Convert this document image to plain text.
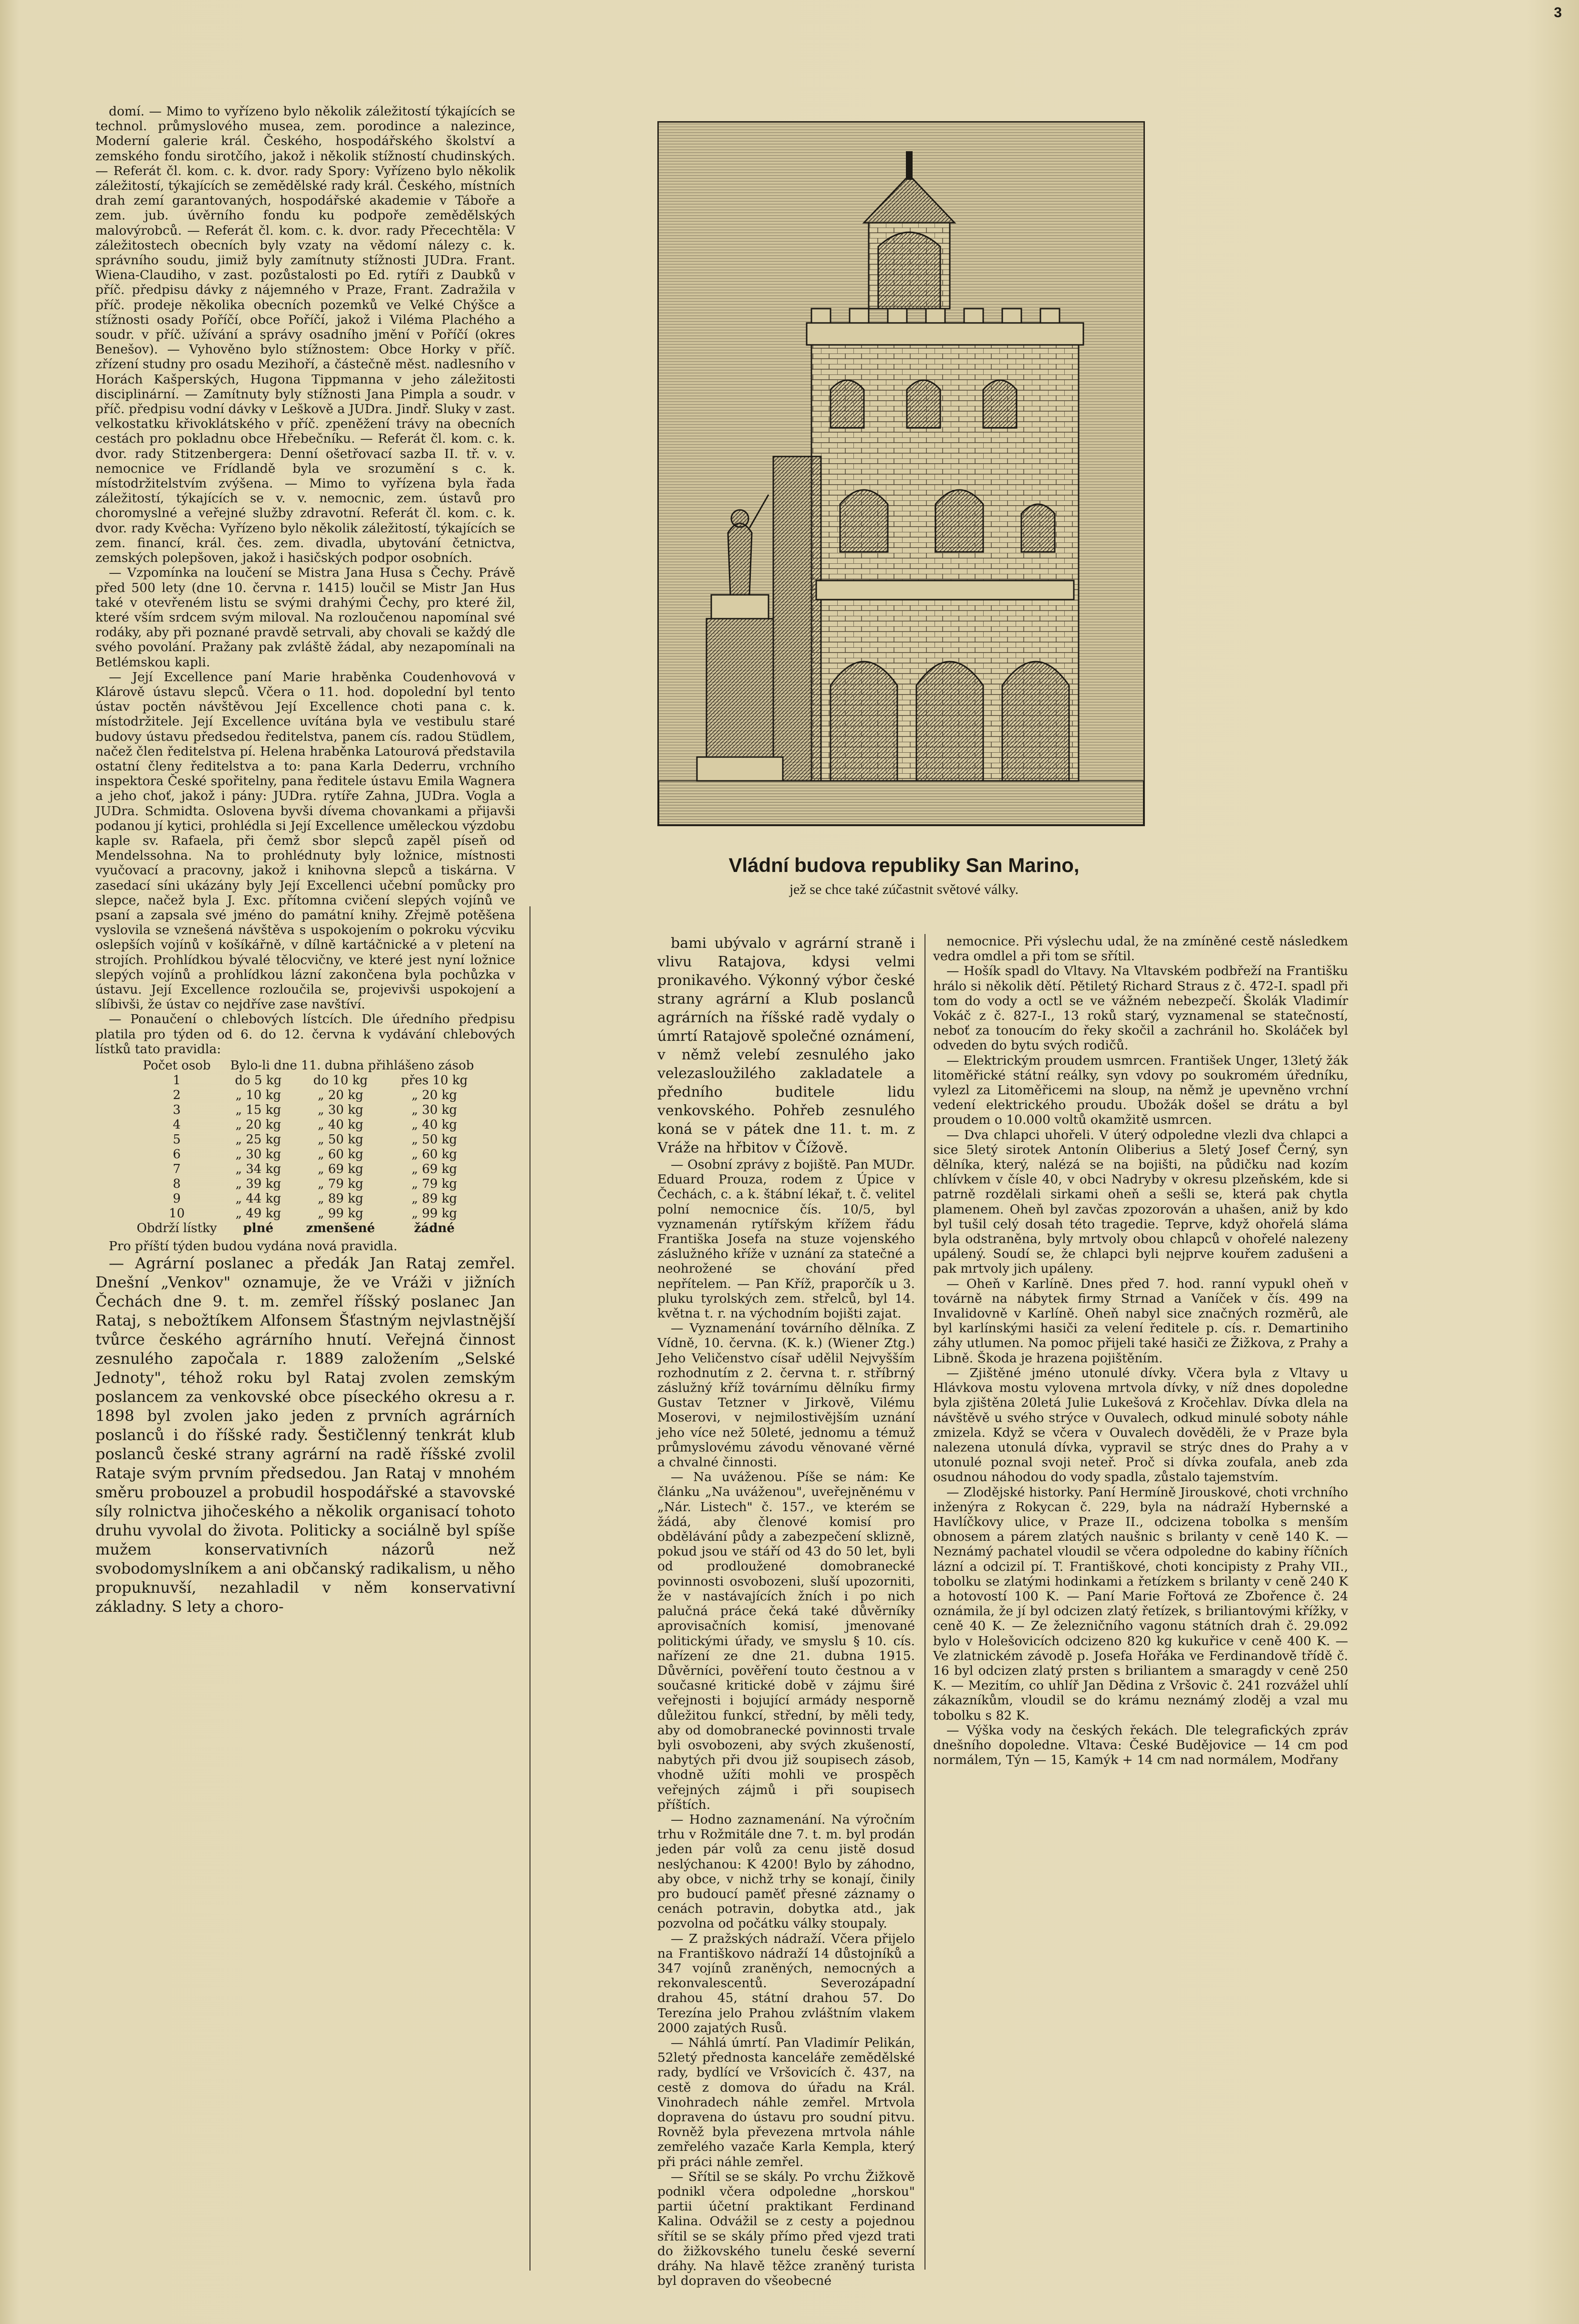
3

domí. — Mimo to vyřízeno bylo několik záležitostí týkajících se technol. průmyslového musea, zem. porodince a nalezince, Moderní galerie král. Českého, hospodářského školství a zemského fondu sirotčího, jakož i několik stížností chudinských. — Referát čl. kom. c. k. dvor. rady Spory: Vyřízeno bylo několik záležitostí, týkajících se zemědělské rady král. Českého, místních drah zemí garantovaných, hospodářské akademie v Táboře a zem. jub. úvěrního fondu ku podpoře zemědělských malovýrobců. — Referát čl. kom. c. k. dvor. rady Přecechtěla: V záležitostech obecních byly vzaty na vědomí nálezy c. k. správního soudu, jimiž byly zamítnuty stížnosti JUDra. Frant. Wiena-Claudiho, v zast. pozůstalosti po Ed. rytíři z Daubků v příč. předpisu dávky z nájemného v Praze, Frant. Zadražila v příč. prodeje několika obecních pozemků ve Velké Chýšce a stížnosti osady Poříčí, obce Poříčí, jakož i Viléma Plachého a soudr. v příč. užívání a správy osadního jmění v Poříčí (okres Benešov). — Vyhověno bylo stížnostem: Obce Horky v příč. zřízení studny pro osadu Mezihoří, a částečně měst. nadlesního v Horách Kašperských, Hugona Tippmanna v jeho záležitosti disciplinární. — Zamítnuty byly stížnosti Jana Pimpla a soudr. v příč. předpisu vodní dávky v Leškově a JUDra. Jindř. Sluky v zast. velkostatku křivoklátského v příč. zpeněžení trávy na obecních cestách pro pokladnu obce Hřebečníku. — Referát čl. kom. c. k. dvor. rady Stitzenbergera: Denní ošetřovací sazba II. tř. v. v. nemocnice ve Frídlandě byla ve srozumění s c. k. místodržitelstvím zvýšena. — Mimo to vyřízena byla řada záležitostí, týkajících se v. v. nemocnic, zem. ústavů pro choromyslné a veřejné služby zdravotní. Referát čl. kom. c. k. dvor. rady Kvěcha: Vyřízeno bylo několik záležitostí, týkajících se zem. financí, král. čes. zem. divadla, ubytování četnictva, zemských polepšoven, jakož i hasičských podpor osobních.

— Vzpomínka na loučení se Mistra Jana Husa s Čechy. Právě před 500 lety (dne 10. června r. 1415) loučil se Mistr Jan Hus také v otevřeném listu se svými drahými Čechy, pro které žil, které vším srdcem svým miloval. Na rozloučenou napomínal své rodáky, aby při poznané pravdě setrvali, aby chovali se každý dle svého povolání. Pražany pak zvláště žádal, aby nezapomínali na Betlémskou kapli.

— Její Excellence paní Marie hraběnka Coudenhovová v Klárově ústavu slepců. Včera o 11. hod. dopolední byl tento ústav poctěn návštěvou Její Excellence choti pana c. k. místodržitele. Její Excellence uvítána byla ve vestibulu staré budovy ústavu předsedou ředitelstva, panem cís. radou Stüdlem, načež člen ředitelstva pí. Helena hraběnka Latourová představila ostatní členy ředitelstva a to: pana Karla Dederru, vrchního inspektora České spořitelny, pana ředitele ústavu Emila Wagnera a jeho choť, jakož i pány: JUDra. rytíře Zahna, JUDra. Vogla a JUDra. Schmidta. Oslovena byvši dívema chovankami a přijavši podanou jí kytici, prohlédla si Její Excellence uměleckou výzdobu kaple sv. Rafaela, při čemž sbor slepců zapěl píseň od Mendelssohna. Na to prohlédnuty byly ložnice, místnosti vyučovací a pracovny, jakož i knihovna slepců a tiskárna. V zasedací síni ukázány byly Její Excellenci učební pomůcky pro slepce, načež byla J. Exc. přítomna cvičení slepých vojínů ve psaní a zapsala své jméno do památní knihy. Zřejmě potěšena vyslovila se vznešená návštěva s uspokojením o pokroku výcviku oslepších vojínů v košíkářně, v dílně kartáčnické a v pletení na strojích. Prohlídkou bývalé tělocvičny, ve které jest nyní ložnice slepých vojínů a prohlídkou lázní zakončena byla pochůzka v ústavu. Její Excellence rozloučila se, projevivši uspokojení a slíbivši, že ústav co nejdříve zase navštíví.

— Ponaučení o chlebových lístcích. Dle úředního předpisu platila pro týden od 6. do 12. června k vydávání chlebových lístků tato pravidla:

Počet osob	Bylo-li dne 11. dubna přihlášeno zásob		
1	do 5 kg	do 10 kg	přes 10 kg
2	„ 10 kg	„ 20 kg	„ 20 kg
3	„ 15 kg	„ 30 kg	„ 30 kg
4	„ 20 kg	„ 40 kg	„ 40 kg
5	„ 25 kg	„ 50 kg	„ 50 kg
6	„ 30 kg	„ 60 kg	„ 60 kg
7	„ 34 kg	„ 69 kg	„ 69 kg
8	„ 39 kg	„ 79 kg	„ 79 kg
9	„ 44 kg	„ 89 kg	„ 89 kg
10	„ 49 kg	„ 99 kg	„ 99 kg
Obdrží lístky	plné	zmenšené	žádné

Pro příští týden budou vydána nová pravidla.

— Agrární poslanec a předák Jan Rataj zemřel. Dnešní „Venkov" oznamuje, že ve Vráži v jižních Čechách dne 9. t. m. zemřel říšský poslanec Jan Rataj, s nebožtíkem Alfonsem Šťastným nejvlastnější tvůrce českého agrárního hnutí. Veřejná činnost zesnulého započala r. 1889 založením „Selské Jednoty", téhož roku byl Rataj zvolen zemským poslancem za venkovské obce píseckého okresu a r. 1898 byl zvolen jako jeden z prvních agrárních poslanců i do říšské rady. Šestičlenný tenkrát klub poslanců české strany agrární na radě říšské zvolil Rataje svým prvním předsedou. Jan Rataj v mnohém směru probouzel a probudil hospodářské a stavovské síly rolnictva jihočeského a několik organisací tohoto druhu vyvolal do života. Politicky a sociálně byl spíše mužem konservativních názorů než svobodomyslníkem a ani občanský radikalism, u něho propuknuvší, nezahladil v něm konservativní základny. S lety a choro-

Vládní budova republiky San Marino,
jež se chce také zúčastnit světové války.

bami ubývalo v agrární straně i vlivu Ratajova, kdysi velmi pronikavého. Výkonný výbor české strany agrární a Klub poslanců agrárních na říšské radě vydaly o úmrtí Ratajově společné oznámení, v němž velebí zesnulého jako velezasloužilého zakladatele a předního buditele lidu venkovského. Pohřeb zesnulého koná se v pátek dne 11. t. m. z Vráže na hřbitov v Čížově.

— Osobní zprávy z bojiště. Pan MUDr. Eduard Prouza, rodem z Úpice v Čechách, c. a k. štábní lékař, t. č. velitel polní nemocnice čís. 10/5, byl vyznamenán rytířským křížem řádu Františka Josefa na stuze vojenského záslužného kříže v uznání za statečné a neohrožené se chování před nepřítelem. — Pan Kříž, praporčík u 3. pluku tyrolských zem. střelců, byl 14. května t. r. na východním bojišti zajat.

— Vyznamenání továrního dělníka. Z Vídně, 10. června. (K. k.) (Wiener Ztg.) Jeho Veličenstvo císař udělil Nejvyšším rozhodnutím z 2. června t. r. stříbrný záslužný kříž továrnímu dělníku firmy Gustav Tetzner v Jirkově, Vilému Moserovi, v nejmilostivějším uznání jeho více než 50leté, jednomu a témuž průmyslovému závodu věnované věrné a chvalné činnosti.

— Na uváženou. Píše se nám: Ke článku „Na uváženou", uveřejněnému v „Nár. Listech" č. 157., ve kterém se žádá, aby členové komisí pro obdělávání půdy a zabezpečení sklizně, pokud jsou ve stáří od 43 do 50 let, byli od prodloužené domobranecké povinnosti osvobozeni, sluší upozorniti, že v nastávajících žních i po nich palučná práce čeká také důvěrníky aprovisačních komisí, jmenované politickými úřady, ve smyslu § 10. cís. nařízení ze dne 21. dubna 1915. Důvěrníci, pověření touto čestnou a v současné kritické době v zájmu širé veřejnosti i bojující armády nesporně důležitou funkcí, střední, by měli tedy, aby od domobranecké povinnosti trvale byli osvobozeni, aby svých zkušeností, nabytých při dvou již soupisech zásob, vhodně užíti mohli ve prospěch veřejných zájmů i při soupisech příštích.

— Hodno zaznamenání. Na výročním trhu v Rožmitále dne 7. t. m. byl prodán jeden pár volů za cenu jistě dosud neslýchanou: K 4200! Bylo by záhodno, aby obce, v nichž trhy se konají, činily pro budoucí paměť přesné záznamy o cenách potravin, dobytka atd., jak pozvolna od počátku války stoupaly.

— Z pražských nádraží. Včera přijelo na Františkovo nádraží 14 důstojníků a 347 vojínů zraněných, nemocných a rekonvalescentů. Severozápadní drahou 45, státní drahou 57. Do Terezína jelo Prahou zvláštním vlakem 2000 zajatých Rusů.

— Náhlá úmrtí. Pan Vladimír Pelikán, 52letý přednosta kanceláře zemědělské rady, bydlící ve Vršovicích č. 437, na cestě z domova do úřadu na Král. Vinohradech náhle zemřel. Mrtvola dopravena do ústavu pro soudní pitvu. Rovněž byla převezena mrtvola náhle zemřelého vazače Karla Kempla, který při práci náhle zemřel.

— Sřítil se se skály. Po vrchu Žižkově podnikl včera odpoledne „horskou" partii účetní praktikant Ferdinand Kalina. Odvážil se z cesty a pojednou sřítil se se skály přímo před vjezd trati do žižkovského tunelu české severní dráhy. Na hlavě těžce zraněný turista byl dopraven do všeobecné

nemocnice. Při výslechu udal, že na zmíněné cestě následkem vedra omdlel a při tom se sřítil.

— Hošík spadl do Vltavy. Na Vltavském podbřeží na Františku hrálo si několik dětí. Pětiletý Richard Straus z č. 472-I. spadl při tom do vody a octl se ve vážném nebezpečí. Školák Vladimír Vokáč z č. 827-I., 13 roků starý, vyznamenal se statečností, neboť za tonoucím do řeky skočil a zachránil ho. Skoláček byl odveden do bytu svých rodičů.

— Elektrickým proudem usmrcen. František Unger, 13letý žák litoměřické státní reálky, syn vdovy po soukromém úředníku, vylezl za Litoměřicemi na sloup, na němž je upevněno vrchní vedení elektrického proudu. Ubožák došel se drátu a byl proudem o 10.000 voltů okamžitě usmrcen.

— Dva chlapci uhořeli. V úterý odpoledne vlezli dva chlapci a sice 5letý sirotek Antonín Oliberius a 5letý Josef Černý, syn dělníka, který, nalézá se na bojišti, na půdičku nad kozím chlívkem v čísle 40, v obci Nadryby v okresu plzeňském, kde si patrně rozdělali sirkami oheň a sešli se, která pak chytla plamenem. Oheň byl zavčas zpozorován a uhašen, aniž by kdo byl tušil celý dosah této tragedie. Teprve, když ohořelá sláma byla odstraněna, byly mrtvoly obou chlapců v ohořelé nalezeny upálený. Soudí se, že chlapci byli nejprve kouřem zadušeni a pak mrtvoly jich upáleny.

— Oheň v Karlíně. Dnes před 7. hod. ranní vypukl oheň v továrně na nábytek firmy Strnad a Vaníček v čís. 499 na Invalidovně v Karlíně. Oheň nabyl sice značných rozměrů, ale byl karlínskými hasiči za velení ředitele p. cís. r. Demartiniho záhy utlumen. Na pomoc přijeli také hasiči ze Žižkova, z Prahy a Libně. Škoda je hrazena pojištěním.

— Zjištěné jméno utonulé dívky. Včera byla z Vltavy u Hlávkova mostu vylovena mrtvola dívky, v níž dnes dopoledne byla zjištěna 20letá Julie Lukešová z Kročehlav. Dívka dlela na návštěvě u svého strýce v Ouvalech, odkud minulé soboty náhle zmizela. Když se včera v Ouvalech dověděli, že v Praze byla nalezena utonulá dívka, vypravil se strýc dnes do Prahy a v utonulé poznal svoji neteř. Proč si dívka zoufala, aneb zda osudnou náhodou do vody spadla, zůstalo tajemstvím.

— Zlodějské historky. Paní Hermíně Jirouskové, choti vrchního inženýra z Rokycan č. 229, byla na nádraží Hybernské a Havlíčkovy ulice, v Praze II., odcizena tobolka s menším obnosem a párem zlatých naušnic s brilanty v ceně 140 K. — Neznámý pachatel vloudil se včera odpoledne do kabiny říčních lázní a odcizil pí. T. Františkové, choti koncipisty z Prahy VII., tobolku se zlatými hodinkami a řetízkem s brilanty v ceně 240 K a hotovostí 100 K. — Paní Marie Fořtová ze Zbořence č. 24 oznámila, že jí byl odcizen zlatý řetízek, s briliantovými křížky, v ceně 40 K. — Ze železničního vagonu státních drah č. 29.092 bylo v Holešovicích odcizeno 820 kg kukuřice v ceně 400 K. — Ve zlatnickém závodě p. Josefa Hořáka ve Ferdinandově třídě č. 16 byl odcizen zlatý prsten s briliantem a smaragdy v ceně 250 K. — Mezitím, co uhlíř Jan Dědina z Vršovic č. 241 rozvážel uhlí zákazníkům, vloudil se do krámu neznámý zloděj a vzal mu tobolku s 82 K.

— Výška vody na českých řekách. Dle telegrafických zpráv dnešního dopoledne. Vltava: České Budějovice — 14 cm pod normálem, Týn — 15, Kamýk + 14 cm nad normálem, Modřany
